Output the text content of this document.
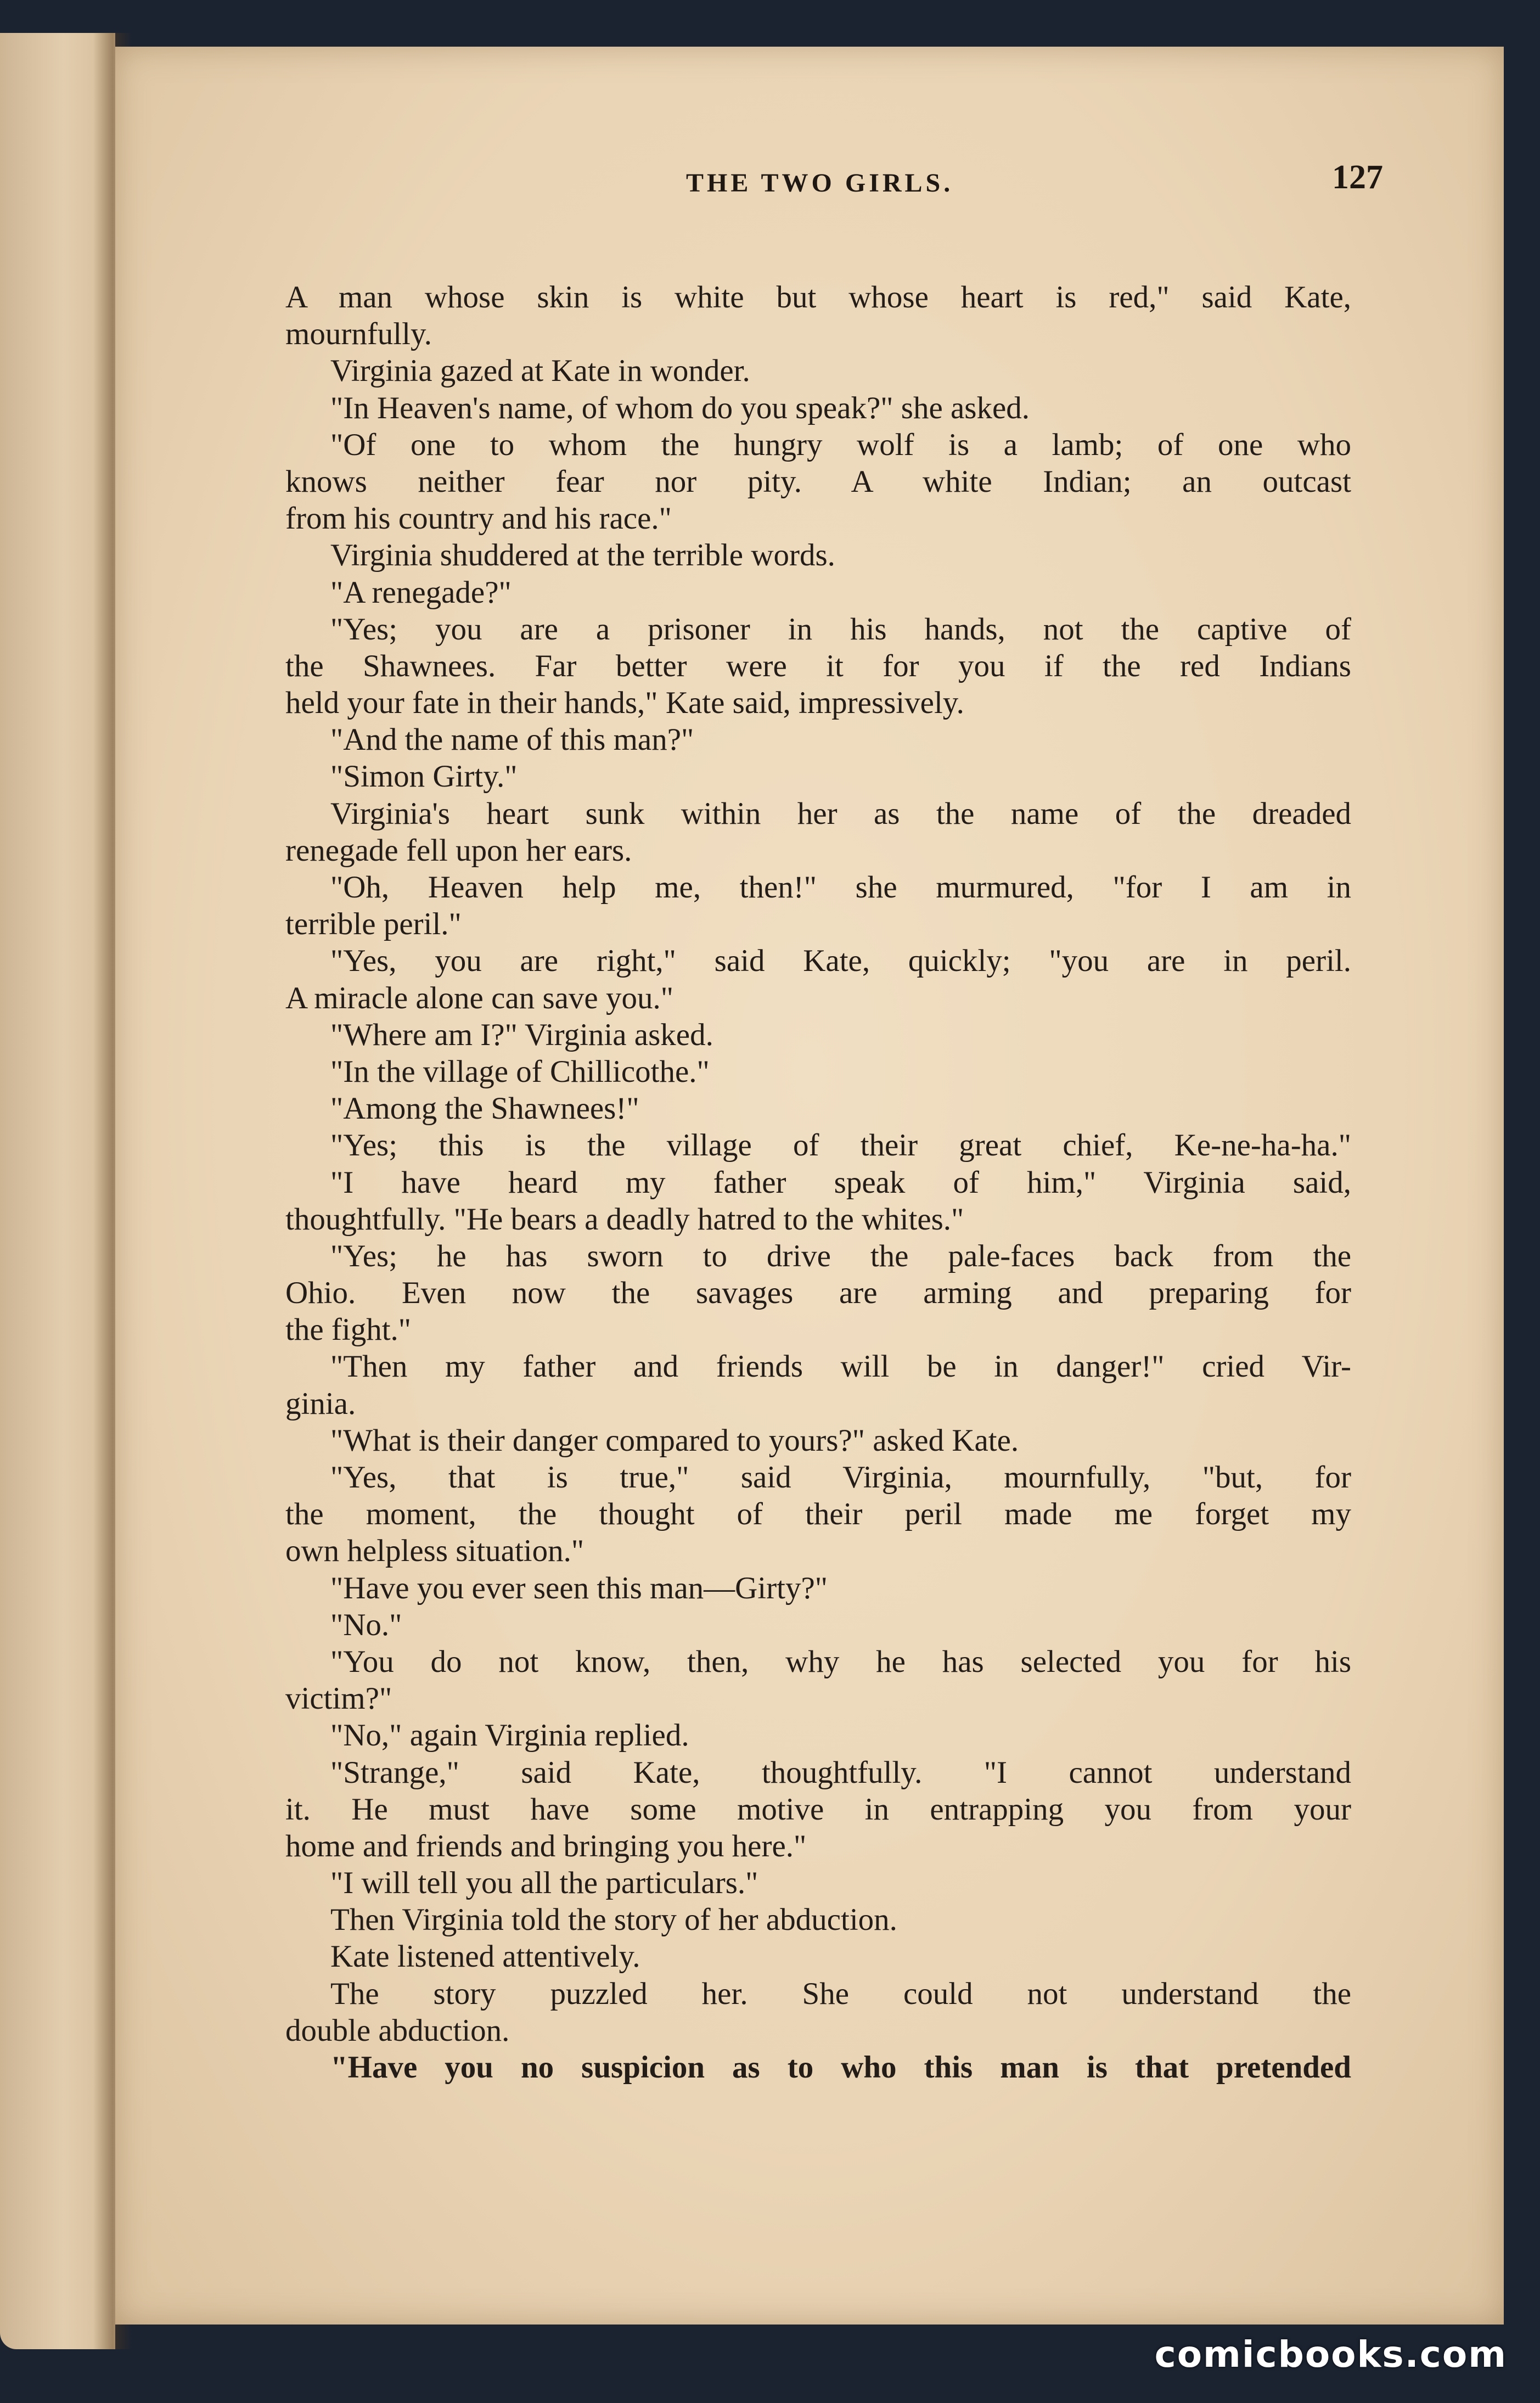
THE TWO GIRLS.	127
A man whose skin is white but whose heart is red," said Kate,
mournfully.
Virginia gazed at Kate in wonder.
"In Heaven's name, of whom do you speak?" she asked.
"Of one to whom the hungry wolf is a lamb; of one who
knows neither fear nor pity. A white Indian; an outcast
from his country and his race."
Virginia shuddered at the terrible words.
"A renegade?"
"Yes; you are a prisoner in his hands, not the captive of
the Shawnees. Far better were it for you if the red Indians
held your fate in their hands," Kate said, impressively.
"And the name of this man?"
"Simon Girty."
Virginia's heart sunk within her as the name of the dreaded
renegade fell upon her ears.
"Oh, Heaven help me, then!" she murmured, "for I am in
terrible peril."
"Yes, you are right," said Kate, quickly; "you are in peril.
A miracle alone can save you."
"Where am I?" Virginia asked.
"In the village of Chillicothe."
"Among the Shawnees!"
"Yes; this is the village of their great chief, Ke-ne-ha-ha."
"I have heard my father speak of him," Virginia said,
thoughtfully. "He bears a deadly hatred to the whites."
"Yes; he has sworn to drive the pale-faces back from the
Ohio. Even now the savages are arming and preparing for
the fight."
"Then my father and friends will be in danger!" cried Vir-
ginia.
"What is their danger compared to yours?" asked Kate.
"Yes, that is true," said Virginia, mournfully, "but, for
the moment, the thought of their peril made me forget my
own helpless situation."
"Have you ever seen this man—Girty?"
"No."
"You do not know, then, why he has selected you for his
victim?"
"No," again Virginia replied.
"Strange," said Kate, thoughtfully. "I cannot understand
it. He must have some motive in entrapping you from your
home and friends and bringing you here."
"I will tell you all the particulars."
Then Virginia told the story of her abduction.
Kate listened attentively.
The story puzzled her. She could not understand the
double abduction.
"Have you no suspicion as to who this man is that pretended
comicbooks.com
